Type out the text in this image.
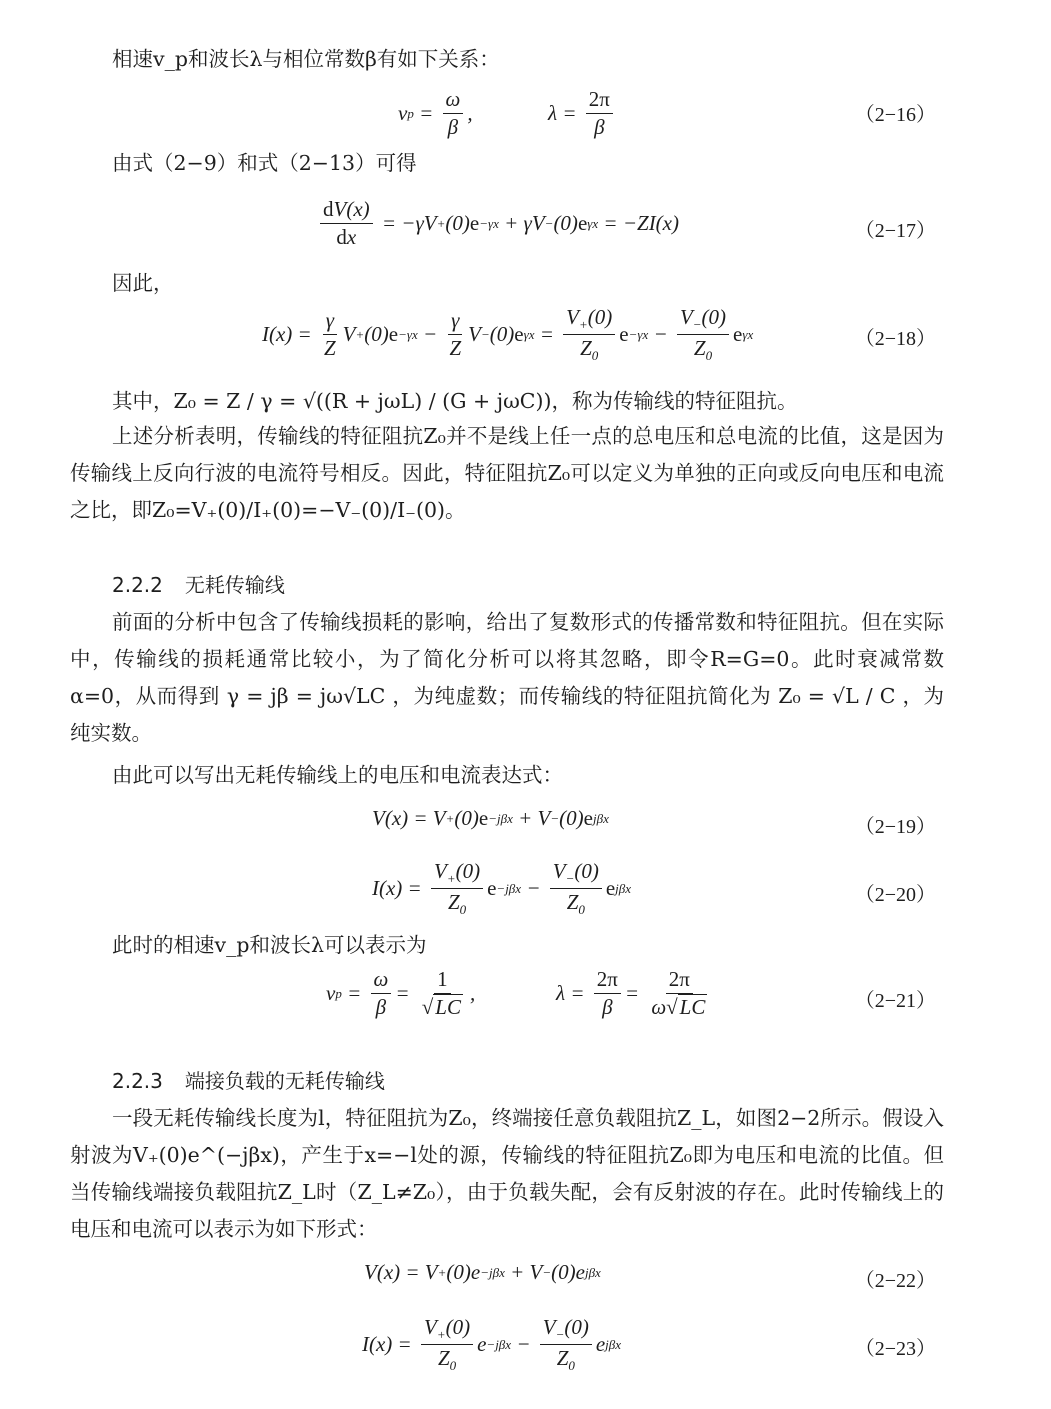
相速v_p和波长λ与相位常数β有如下关系：

v $p = \frac{\omega}{\beta}$ ,	$\lambda = \frac{2\pi}{\beta}$	（2−16）

由式（2−9）和式（2−13）可得

$\frac{dV(x)}{dx} = -\gamma V + (0)$ e −γx + γV − (0) e γx = −ZI(x)	（2−17）

因此，

$I(x) = \frac{\gamma}{Z}$ V + (0) $e -\gamma x - \frac{\gamma}{Z}$ V − (0) e $\gamma x = \frac{V_+(0)}{Z_0}$ $e -\gamma x - \frac{V_-(0)}{Z_0}$ e γx	（2−18）

其中，Z₀ = Z / γ = √((R + jωL) / (G + jωC))，称为传输线的特征阻抗。

上述分析表明，传输线的特征阻抗Z₀并不是线上任一点的总电压和总电流的比值，这是因为传输线上反向行波的电流符号相反。因此，特征阻抗Z₀可以定义为单独的正向或反向电压和电流之比，即Z₀=V₊(0)/I₊(0)=−V₋(0)/I₋(0)。

2.2.2 无耗传输线

前面的分析中包含了传输线损耗的影响，给出了复数形式的传播常数和特征阻抗。但在实际中，传输线的损耗通常比较小，为了简化分析可以将其忽略，即令R=G=0。此时衰减常数α=0，从而得到 γ = jβ = jω√LC ，为纯虚数；而传输线的特征阻抗简化为 Z₀ = √L / C ，为纯实数。

由此可以写出无耗传输线上的电压和电流表达式：

V(x) = V + (0) e −jβx + V − (0) e jβx	（2−19）
$I(x) = \frac{V_+(0)}{Z_0}$ $e -j\beta x - \frac{V_-(0)}{Z_0}$ e jβx	（2−20）

此时的相速v_p和波长λ可以表示为

v $p = \frac{\omega}{\beta} = \frac{1}{√LC}$ ,	$\lambda = \frac{2\pi}{\beta} = \frac{2\pi}{\omega√LC}$	（2−21）

2.2.3 端接负载的无耗传输线

一段无耗传输线长度为l，特征阻抗为Z₀，终端接任意负载阻抗Z_L，如图2−2所示。假设入射波为V₊(0)e^(−jβx)，产生于x=−l处的源，传输线的特征阻抗Z₀即为电压和电流的比值。但当传输线端接负载阻抗Z_L时（Z_L≠Z₀），由于负载失配，会有反射波的存在。此时传输线上的电压和电流可以表示为如下形式：

V(x) = V + (0)e −jβx + V − (0)e jβx	（2−22）
$I(x) = \frac{V_+(0)}{Z_0}$ $e -j\beta x - \frac{V_-(0)}{Z_0}$ e jβx	（2−23）
